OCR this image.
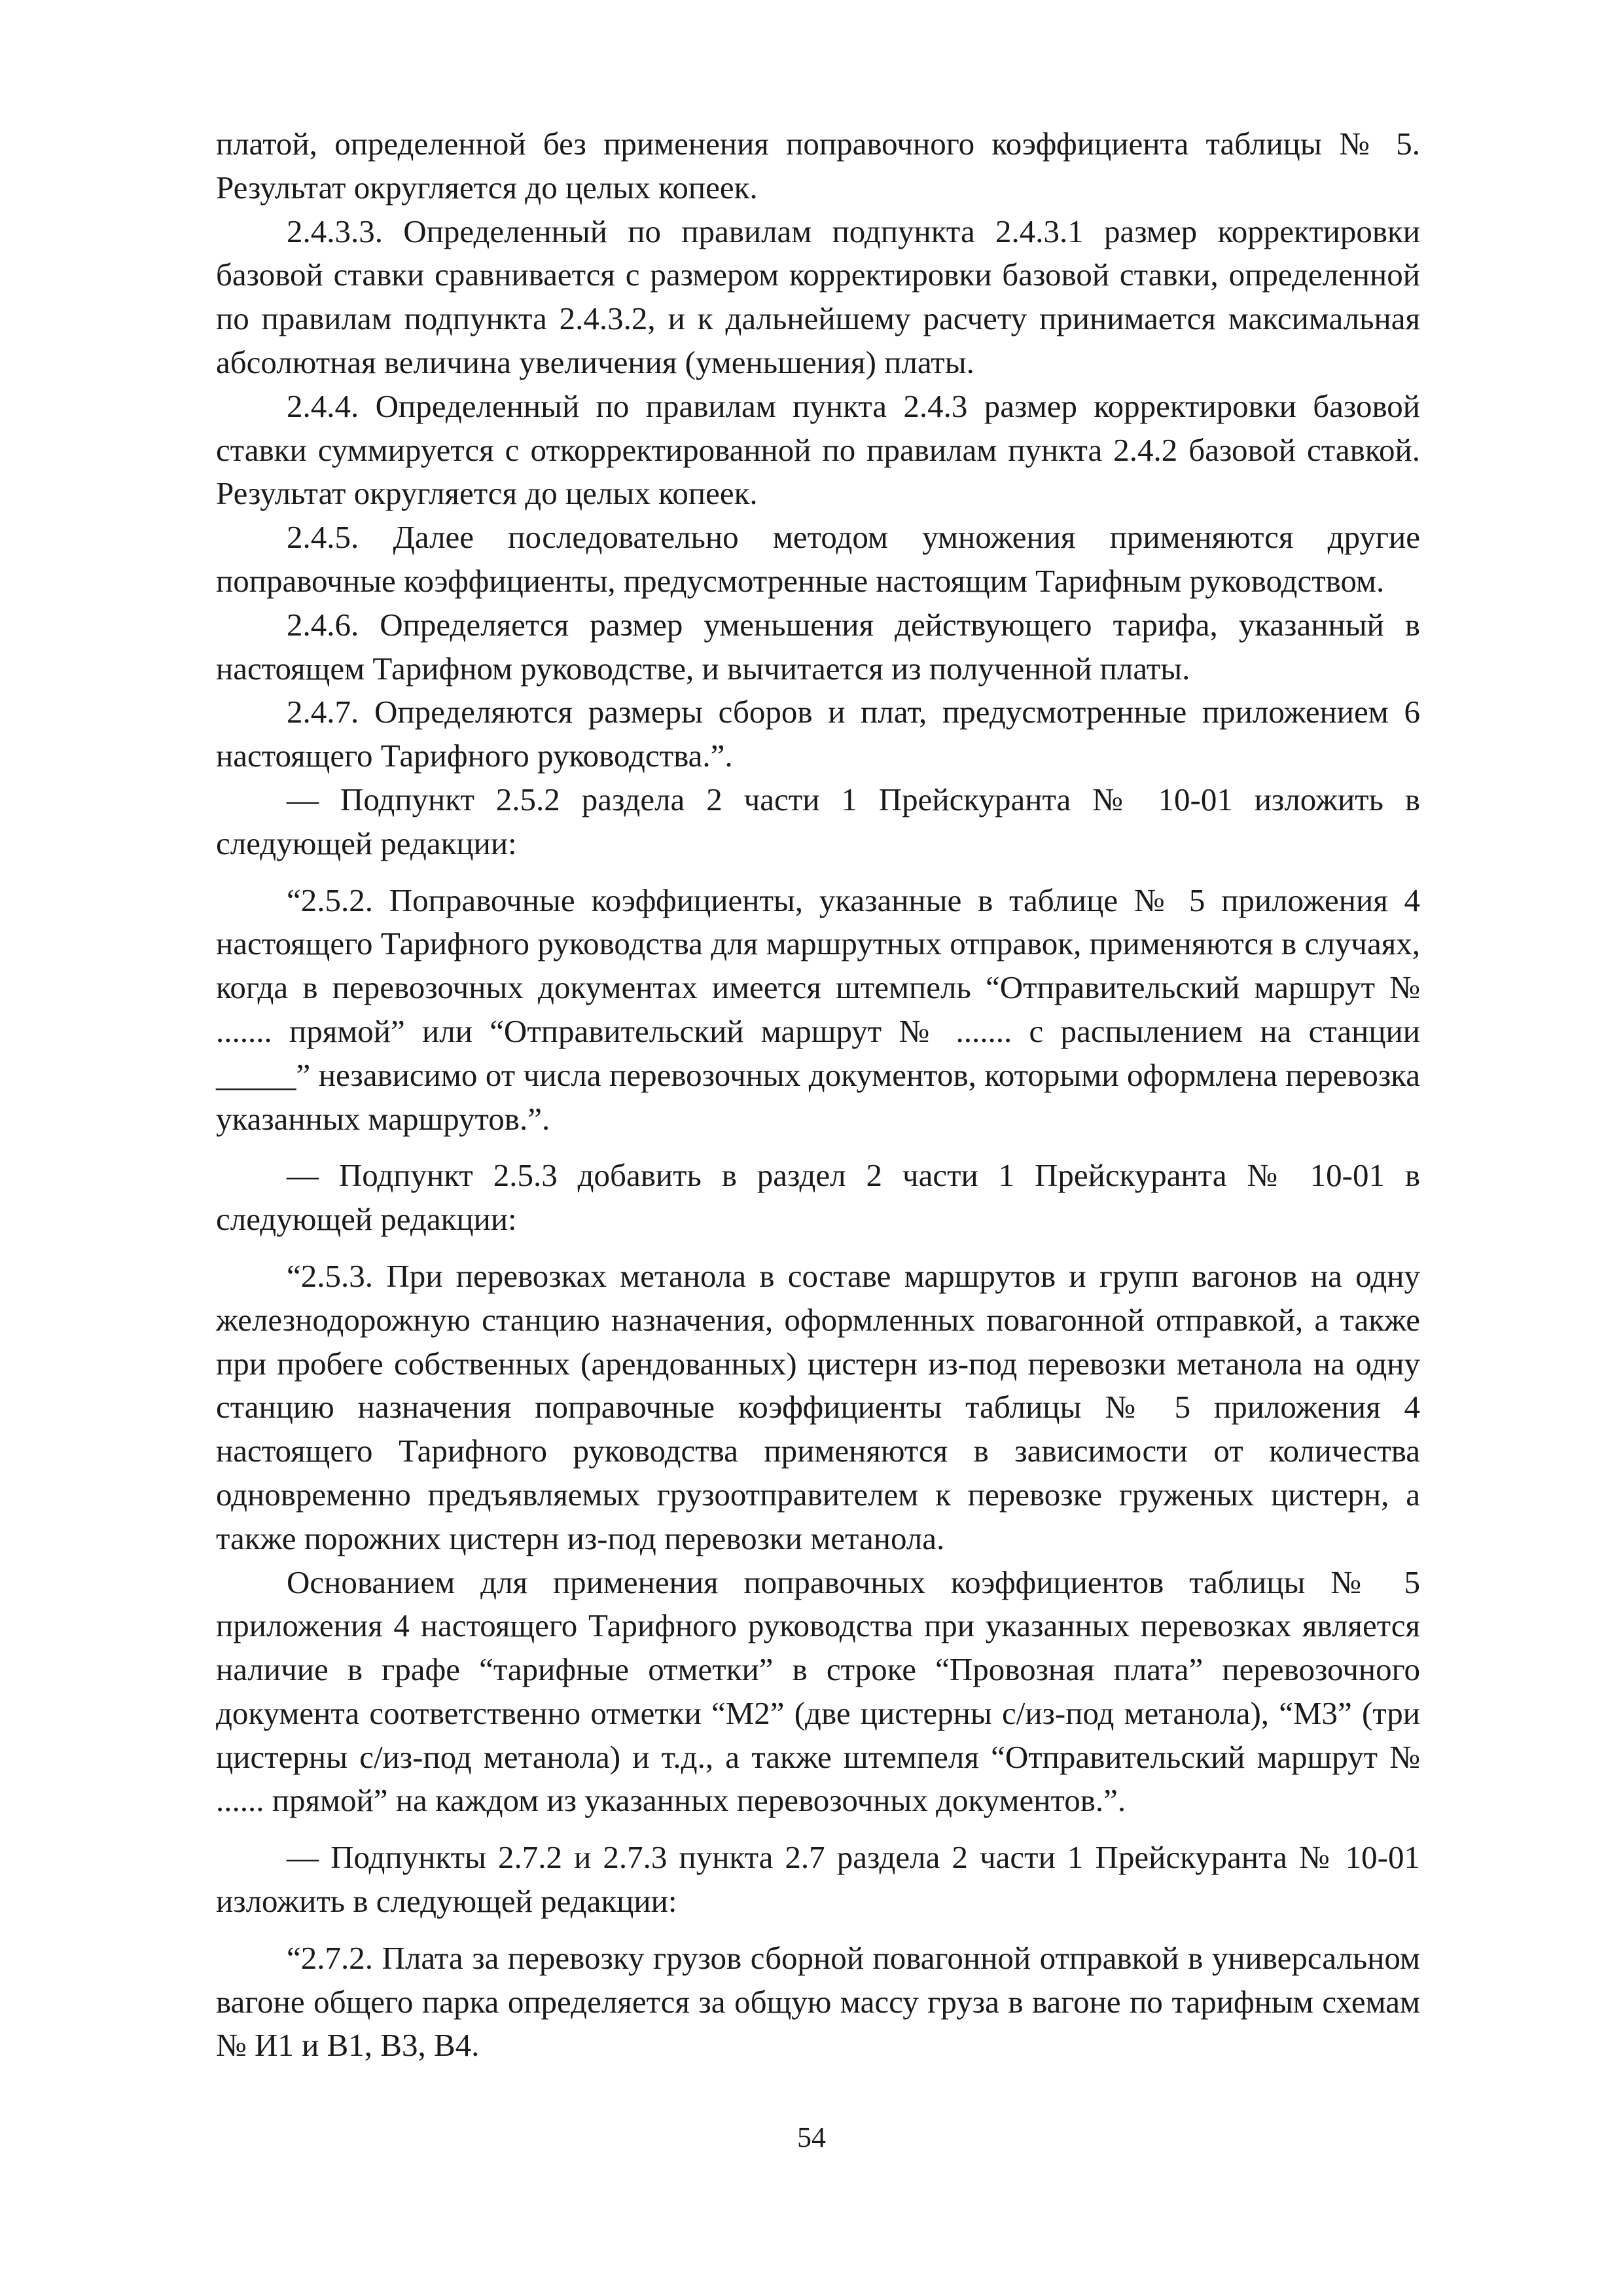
платой, определенной без применения поправочного коэффициента таблицы № 5. Результат округляется до целых копеек.

2.4.3.3. Определенный по правилам подпункта 2.4.3.1 размер корректировки базовой ставки сравнивается с размером корректировки базовой ставки, определенной по правилам подпункта 2.4.3.2, и к дальнейшему расчету принимается максимальная абсолютная величина увеличения (уменьшения) платы.

2.4.4. Определенный по правилам пункта 2.4.3 размер корректировки базовой ставки суммируется с откорректированной по правилам пункта 2.4.2 базовой ставкой. Результат округляется до целых копеек.

2.4.5. Далее последовательно методом умножения применяются другие поправочные коэффициенты, предусмотренные настоящим Тарифным руководством.

2.4.6. Определяется размер уменьшения действующего тарифа, указанный в настоящем Тарифном руководстве, и вычитается из полученной платы.

2.4.7. Определяются размеры сборов и плат, предусмотренные приложением 6 настоящего Тарифного руководства.”.

— Подпункт 2.5.2 раздела 2 части 1 Прейскуранта № 10-01 изложить в следующей редакции:

“2.5.2. Поправочные коэффициенты, указанные в таблице № 5 приложения 4 настоящего Тарифного руководства для маршрутных отправок, применяются в случаях, когда в перевозочных документах имеется штемпель “Отправительский маршрут № ....... прямой” или “Отправительский маршрут № ....... с распылением на станции _____” независимо от числа перевозочных документов, которыми оформлена перевозка указанных маршрутов.”.

— Подпункт 2.5.3 добавить в раздел 2 части 1 Прейскуранта № 10-01 в следующей редакции:

“2.5.3. При перевозках метанола в составе маршрутов и групп вагонов на одну железнодорожную станцию назначения, оформленных повагонной отправкой, а также при пробеге собственных (арендованных) цистерн из-под перевозки метанола на одну станцию назначения поправочные коэффициенты таблицы № 5 приложения 4 настоящего Тарифного руководства применяются в зависимости от количества одновременно предъявляемых грузоотправителем к перевозке груженых цистерн, а также порожних цистерн из-под перевозки метанола.

Основанием для применения поправочных коэффициентов таблицы № 5 приложения 4 настоящего Тарифного руководства при указанных перевозках является наличие в графе “тарифные отметки” в строке “Провозная плата” перевозочного документа соответственно отметки “М2” (две цистерны с/из-под метанола), “М3” (три цистерны с/из-под метанола) и т.д., а также штемпеля “Отправительский маршрут № ...... прямой” на каждом из указанных перевозочных документов.”.

— Подпункты 2.7.2 и 2.7.3 пункта 2.7 раздела 2 части 1 Прейскуранта № 10-01 изложить в следующей редакции:

“2.7.2. Плата за перевозку грузов сборной повагонной отправкой в универсальном вагоне общего парка определяется за общую массу груза в вагоне по тарифным схемам № И1 и В1, В3, В4.

54
